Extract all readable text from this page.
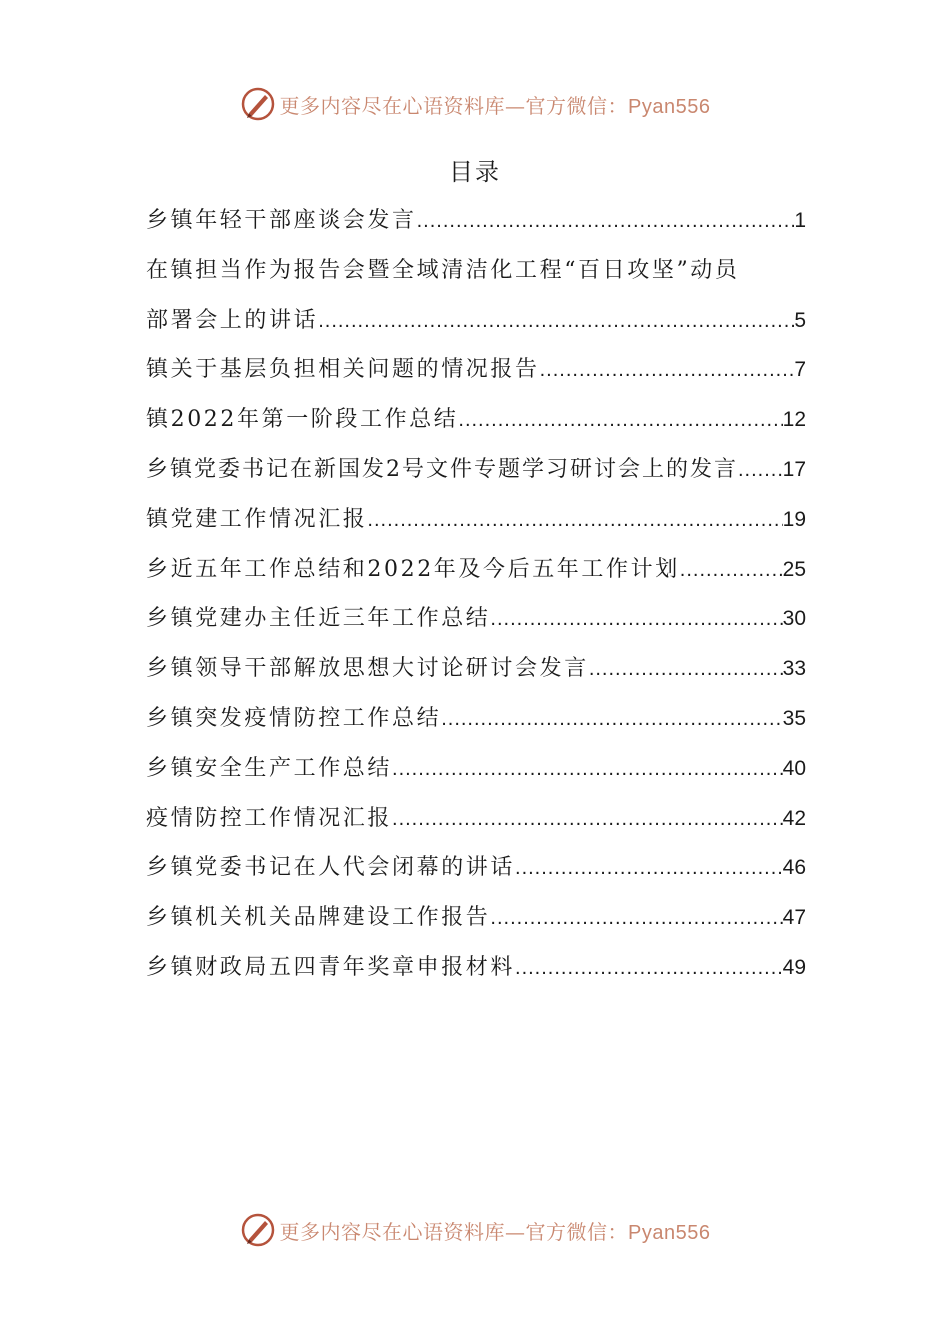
更多内容尽在心语资料库—官方微信：Pyan556
目录
乡镇年轻干部座谈会发言 .....	1
在镇担当作为报告会暨全域清洁化工程“百日攻坚”动员
部署会上的讲话 .....	5
镇关于基层负担相关问题的情况报告 .....	7
镇2022年第一阶段工作总结 .....	12
乡镇党委书记在新国发2号文件专题学习研讨会上的发言 ..... 17
镇党建工作情况汇报 .....	19
乡近五年工作总结和2022年及今后五年工作计划 .....	25
乡镇党建办主任近三年工作总结 .....	30
乡镇领导干部解放思想大讨论研讨会发言 .....	33
乡镇突发疫情防控工作总结 .....	35
乡镇安全生产工作总结 .....	40
疫情防控工作情况汇报 .....	42
乡镇党委书记在人代会闭幕的讲话 .....	46
乡镇机关机关品牌建设工作报告 .....	47
乡镇财政局五四青年奖章申报材料 .....	49
更多内容尽在心语资料库—官方微信：Pyan556
